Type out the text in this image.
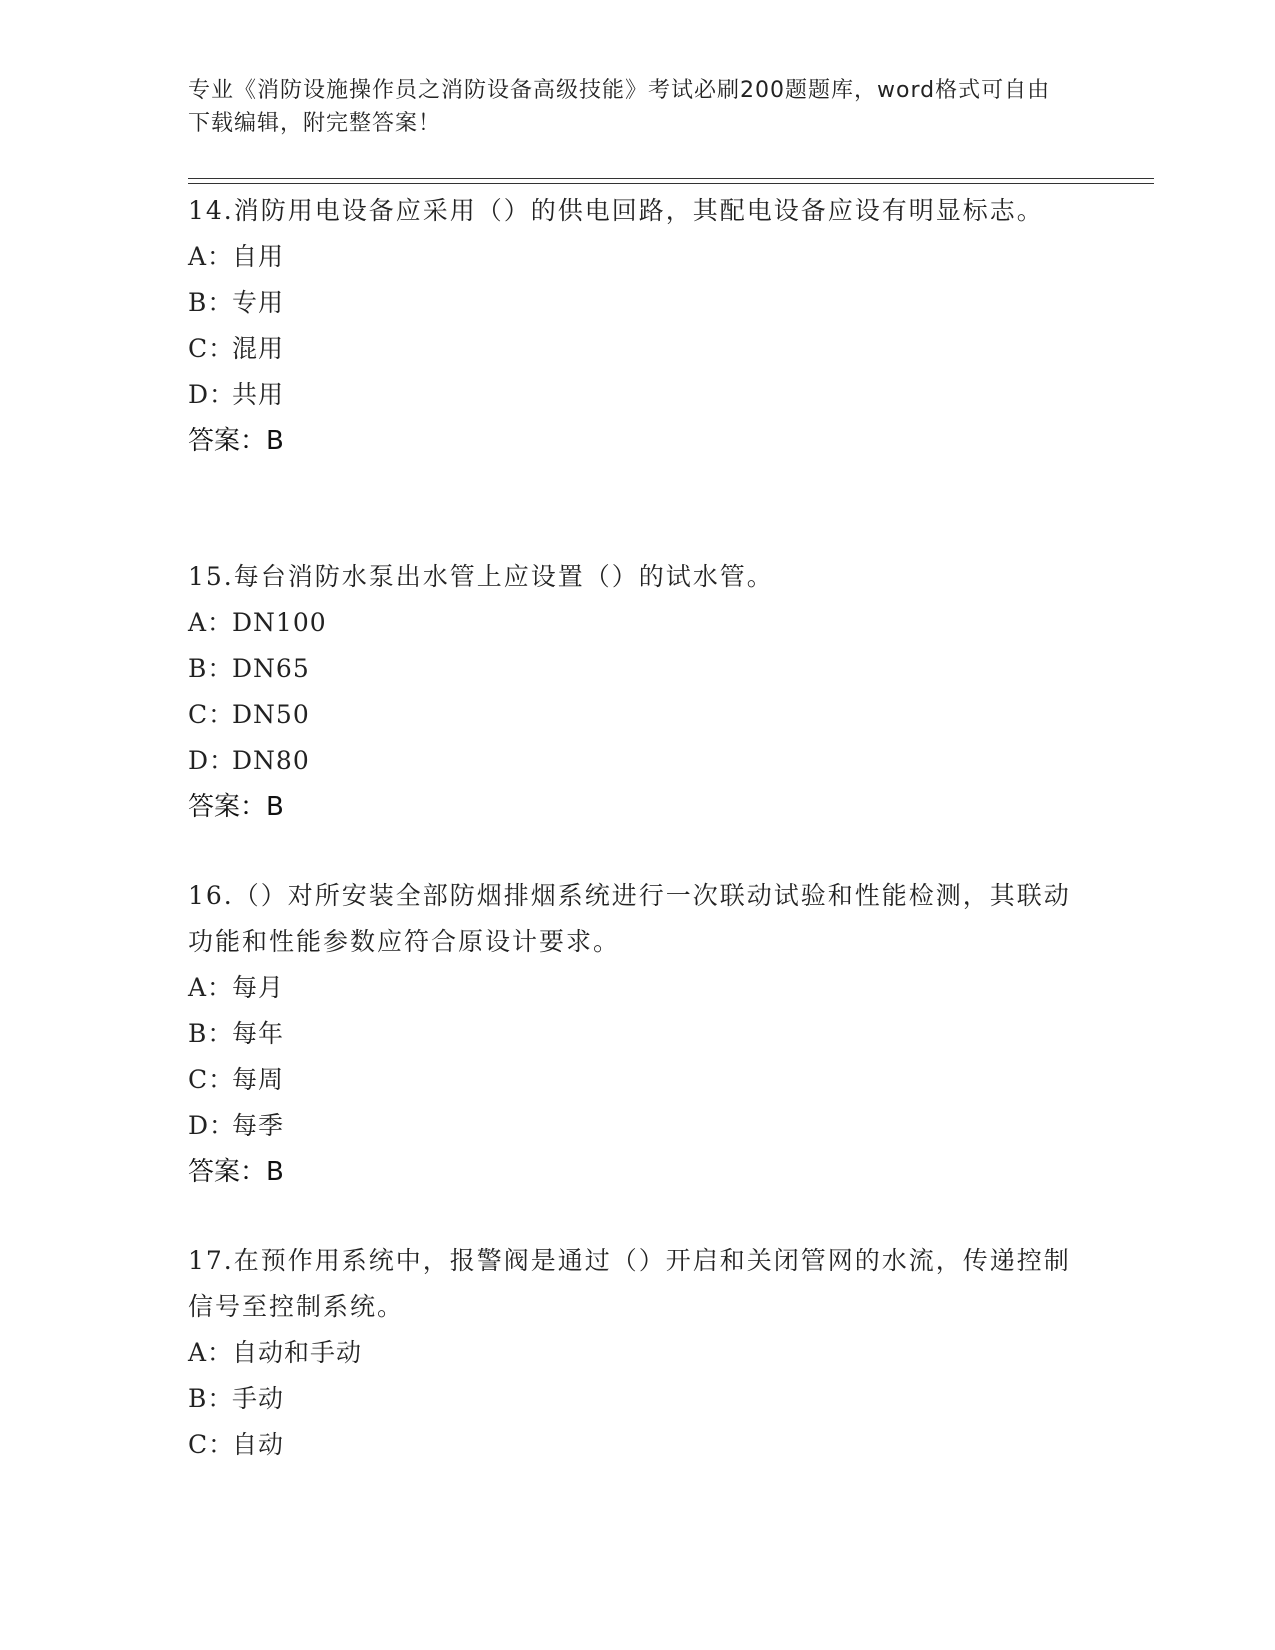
专业《消防设施操作员之消防设备高级技能》考试必刷200题题库，word格式可自由下载编辑，附完整答案！

14.消防用电设备应采用（）的供电回路，其配电设备应设有明显标志。

A：自用
B：专用
C：混用
D：共用
答案：B

15.每台消防水泵出水管上应设置（）的试水管。

A：DN100
B：DN65
C：DN50
D：DN80
答案：B

16.（）对所安装全部防烟排烟系统进行一次联动试验和性能检测，其联动功能和性能参数应符合原设计要求。

A：每月
B：每年
C：每周
D：每季
答案：B

17.在预作用系统中，报警阀是通过（）开启和关闭管网的水流，传递控制信号至控制系统。

A：自动和手动
B：手动
C：自动
